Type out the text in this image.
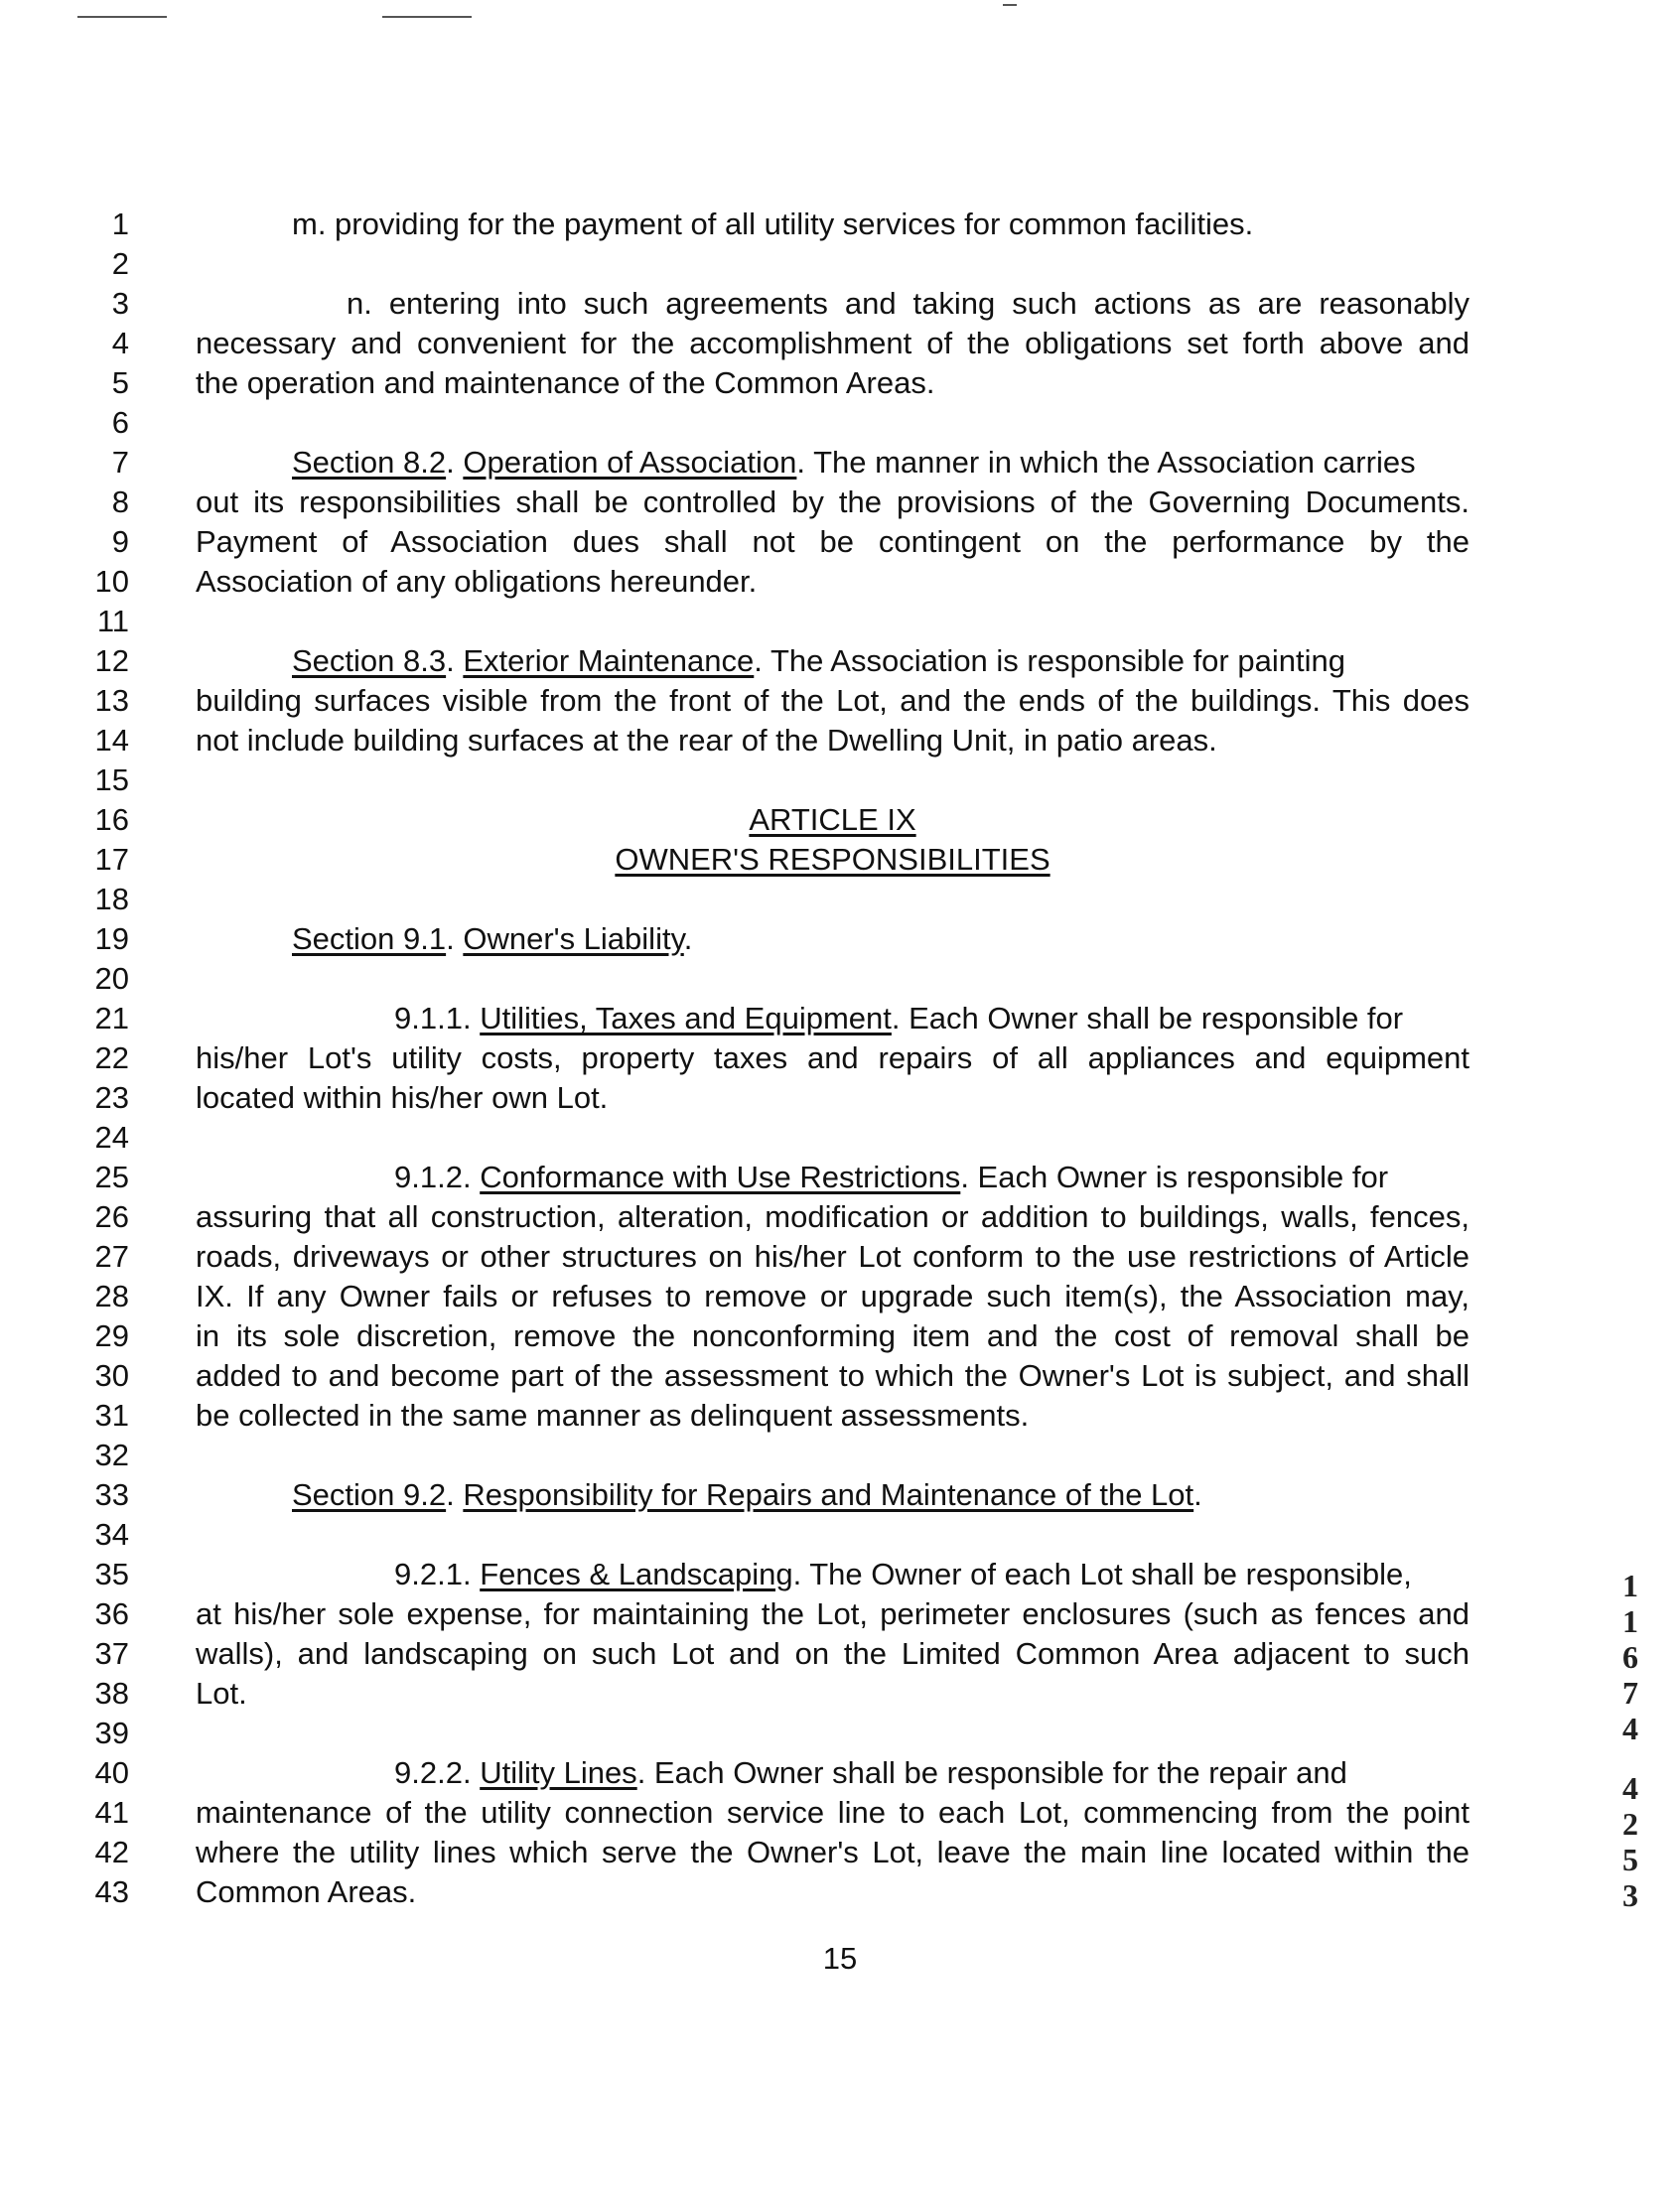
1
2
3
4
5
6
7
8
9
10
11
12
13
14
15
16
17
18
19
20
21
22
23
24
25
26
27
28
29
30
31
32
33
34
35
36
37
38
39
40
41
42
43
m. providing for the payment of all utility services for common facilities.
n. entering into such agreements and taking such actions as are reasonably
necessary and convenient for the accomplishment of the obligations set forth above and
the operation and maintenance of the Common Areas.
Section 8.2. Operation of Association. The manner in which the Association carries
out its responsibilities shall be controlled by the provisions of the Governing Documents.
Payment of Association dues shall not be contingent on the performance by the
Association of any obligations hereunder.
Section 8.3. Exterior Maintenance. The Association is responsible for painting
building surfaces visible from the front of the Lot, and the ends of the buildings. This does
not include building surfaces at the rear of the Dwelling Unit, in patio areas.
ARTICLE IX
OWNER'S RESPONSIBILITIES
Section 9.1. Owner's Liability.
9.1.1. Utilities, Taxes and Equipment. Each Owner shall be responsible for
his/her Lot's utility costs, property taxes and repairs of all appliances and equipment
located within his/her own Lot.
9.1.2. Conformance with Use Restrictions. Each Owner is responsible for
assuring that all construction, alteration, modification or addition to buildings, walls, fences,
roads, driveways or other structures on his/her Lot conform to the use restrictions of Article
IX. If any Owner fails or refuses to remove or upgrade such item(s), the Association may,
in its sole discretion, remove the nonconforming item and the cost of removal shall be
added to and become part of the assessment to which the Owner's Lot is subject, and shall
be collected in the same manner as delinquent assessments.
Section 9.2. Responsibility for Repairs and Maintenance of the Lot.
9.2.1. Fences & Landscaping. The Owner of each Lot shall be responsible,
at his/her sole expense, for maintaining the Lot, perimeter enclosures (such as fences and
walls), and landscaping on such Lot and on the Limited Common Area adjacent to such
Lot.
9.2.2. Utility Lines. Each Owner shall be responsible for the repair and
maintenance of the utility connection service line to each Lot, commencing from the point
where the utility lines which serve the Owner's Lot, leave the main line located within the
Common Areas.
15
1
1
6
7
4
4
2
5
3
